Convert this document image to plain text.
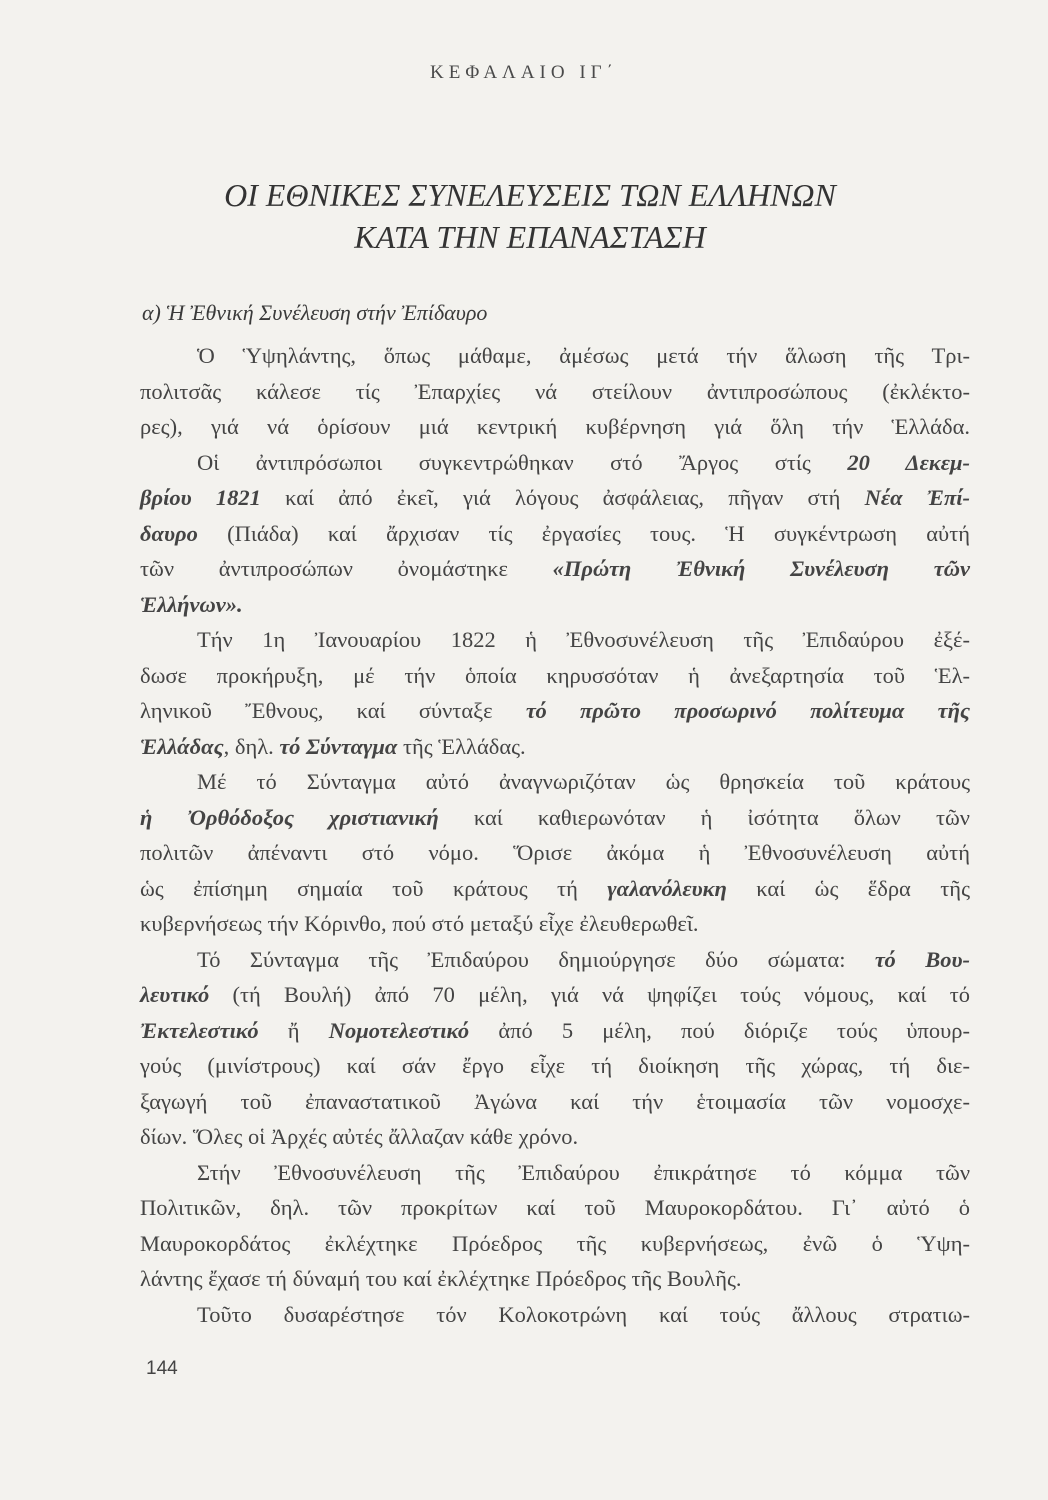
ΚΕΦΑΛΑΙΟ ΙΓ΄
ΟΙ ΕΘΝΙΚΕΣ ΣΥΝΕΛΕΥΣΕΙΣ ΤΩΝ ΕΛΛΗΝΩΝ
ΚΑΤΑ ΤΗΝ ΕΠΑΝΑΣΤΑΣΗ
α) Ἡ Ἐθνική Συνέλευση στήν Ἐπίδαυρο
Ὁ Ὑψηλάντης, ὅπως μάθαμε, ἀμέσως μετά τήν ἅλωση τῆς Τρι-
πολιτσᾶς κάλεσε τίς Ἐπαρχίες νά στείλουν ἀντιπροσώπους (ἐκλέκτο-
ρες), γιά νά ὁρίσουν μιά κεντρική κυβέρνηση γιά ὅλη τήν Ἑλλάδα.
Οἱ ἀντιπρόσωποι συγκεντρώθηκαν στό Ἄργος στίς 20 Δεκεμ-
βρίου 1821 καί ἀπό ἐκεῖ, γιά λόγους ἀσφάλειας, πῆγαν στή Νέα Ἐπί-
δαυρο (Πιάδα) καί ἄρχισαν τίς ἐργασίες τους. Ἡ συγκέντρωση αὐτή
τῶν ἀντιπροσώπων ὀνομάστηκε «Πρώτη Ἐθνική Συνέλευση τῶν
Ἑλλήνων».
Τήν 1η Ἰανουαρίου 1822 ἡ Ἐθνοσυνέλευση τῆς Ἐπιδαύρου ἐξέ-
δωσε προκήρυξη, μέ τήν ὁποία κηρυσσόταν ἡ ἀνεξαρτησία τοῦ Ἑλ-
ληνικοῦ Ἔθνους, καί σύνταξε τό πρῶτο προσωρινό πολίτευμα τῆς
Ἑλλάδας, δηλ. τό Σύνταγμα τῆς Ἑλλάδας.
Μέ τό Σύνταγμα αὐτό ἀναγνωριζόταν ὡς θρησκεία τοῦ κράτους
ἡ Ὀρθόδοξος χριστιανική καί καθιερωνόταν ἡ ἰσότητα ὅλων τῶν
πολιτῶν ἀπέναντι στό νόμο. Ὅρισε ἀκόμα ἡ Ἐθνοσυνέλευση αὐτή
ὡς ἐπίσημη σημαία τοῦ κράτους τή γαλανόλευκη καί ὡς ἕδρα τῆς
κυβερνήσεως τήν Κόρινθο, πού στό μεταξύ εἶχε ἐλευθερωθεῖ.
Τό Σύνταγμα τῆς Ἐπιδαύρου δημιούργησε δύο σώματα: τό Βου-
λευτικό (τή Βουλή) ἀπό 70 μέλη, γιά νά ψηφίζει τούς νόμους, καί τό
Ἐκτελεστικό ἤ Νομοτελεστικό ἀπό 5 μέλη, πού διόριζε τούς ὑπουρ-
γούς (μινίστρους) καί σάν ἔργο εἶχε τή διοίκηση τῆς χώρας, τή διε-
ξαγωγή τοῦ ἐπαναστατικοῦ Ἀγώνα καί τήν ἑτοιμασία τῶν νομοσχε-
δίων. Ὅλες οἱ Ἀρχές αὐτές ἄλλαζαν κάθε χρόνο.
Στήν Ἐθνοσυνέλευση τῆς Ἐπιδαύρου ἐπικράτησε τό κόμμα τῶν
Πολιτικῶν, δηλ. τῶν προκρίτων καί τοῦ Μαυροκορδάτου. Γι᾽ αὐτό ὁ
Μαυροκορδάτος ἐκλέχτηκε Πρόεδρος τῆς κυβερνήσεως, ἐνῶ ὁ Ὑψη-
λάντης ἔχασε τή δύναμή του καί ἐκλέχτηκε Πρόεδρος τῆς Βουλῆς.
Τοῦτο δυσαρέστησε τόν Κολοκοτρώνη καί τούς ἄλλους στρατιω-
144
